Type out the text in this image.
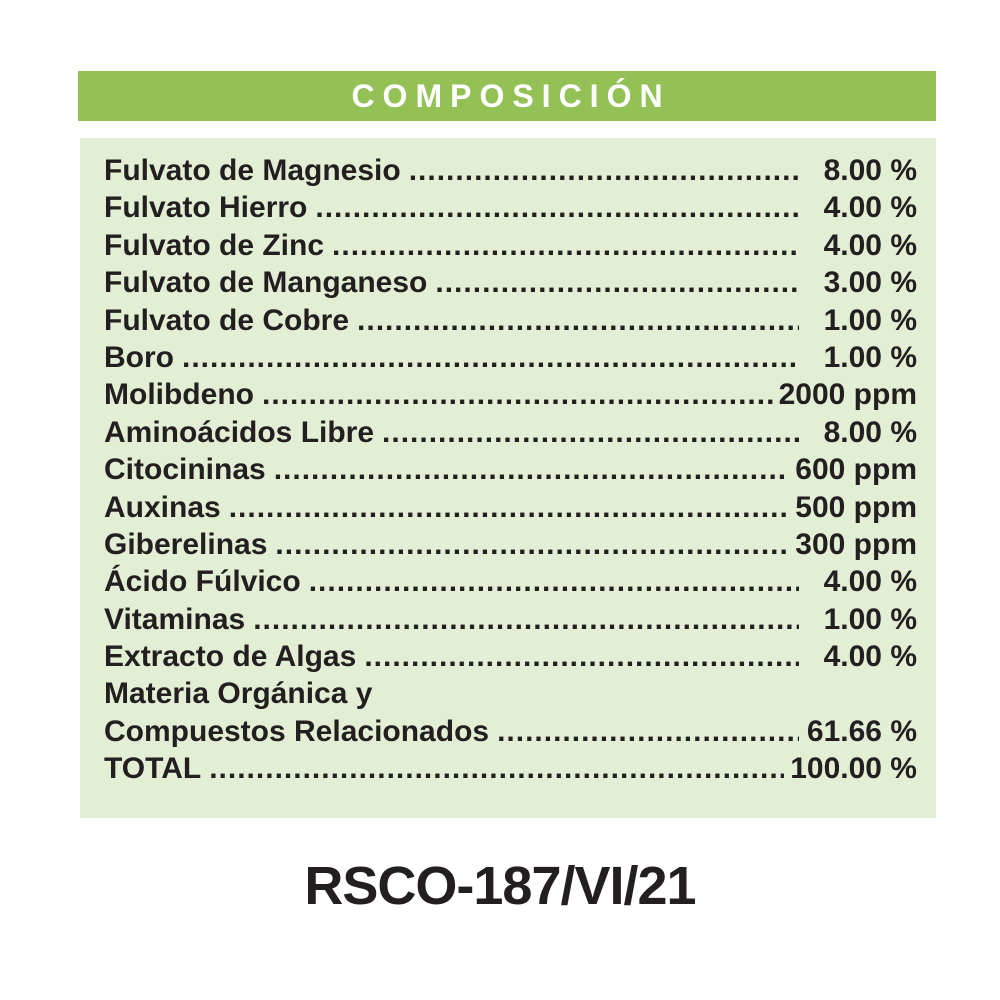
COMPOSICIÓN
Fulvato de Magnesio .....	8.00 %
Fulvato Hierro .....	4.00 %
Fulvato de Zinc .....	4.00 %
Fulvato de Manganeso .....	3.00 %
Fulvato de Cobre .....	1.00 %
Boro .....	1.00 %
Molibdeno .....	2000 ppm
Aminoácidos Libre .....	8.00 %
Citocininas .....	600 ppm
Auxinas .....	500 ppm
Giberelinas .....	300 ppm
Ácido Fúlvico .....	4.00 %
Vitaminas .....	1.00 %
Extracto de Algas .....	4.00 %
Materia Orgánica y
Compuestos Relacionados .....	61.66 %
TOTAL .....	100.00 %
RSCO-187/VI/21
